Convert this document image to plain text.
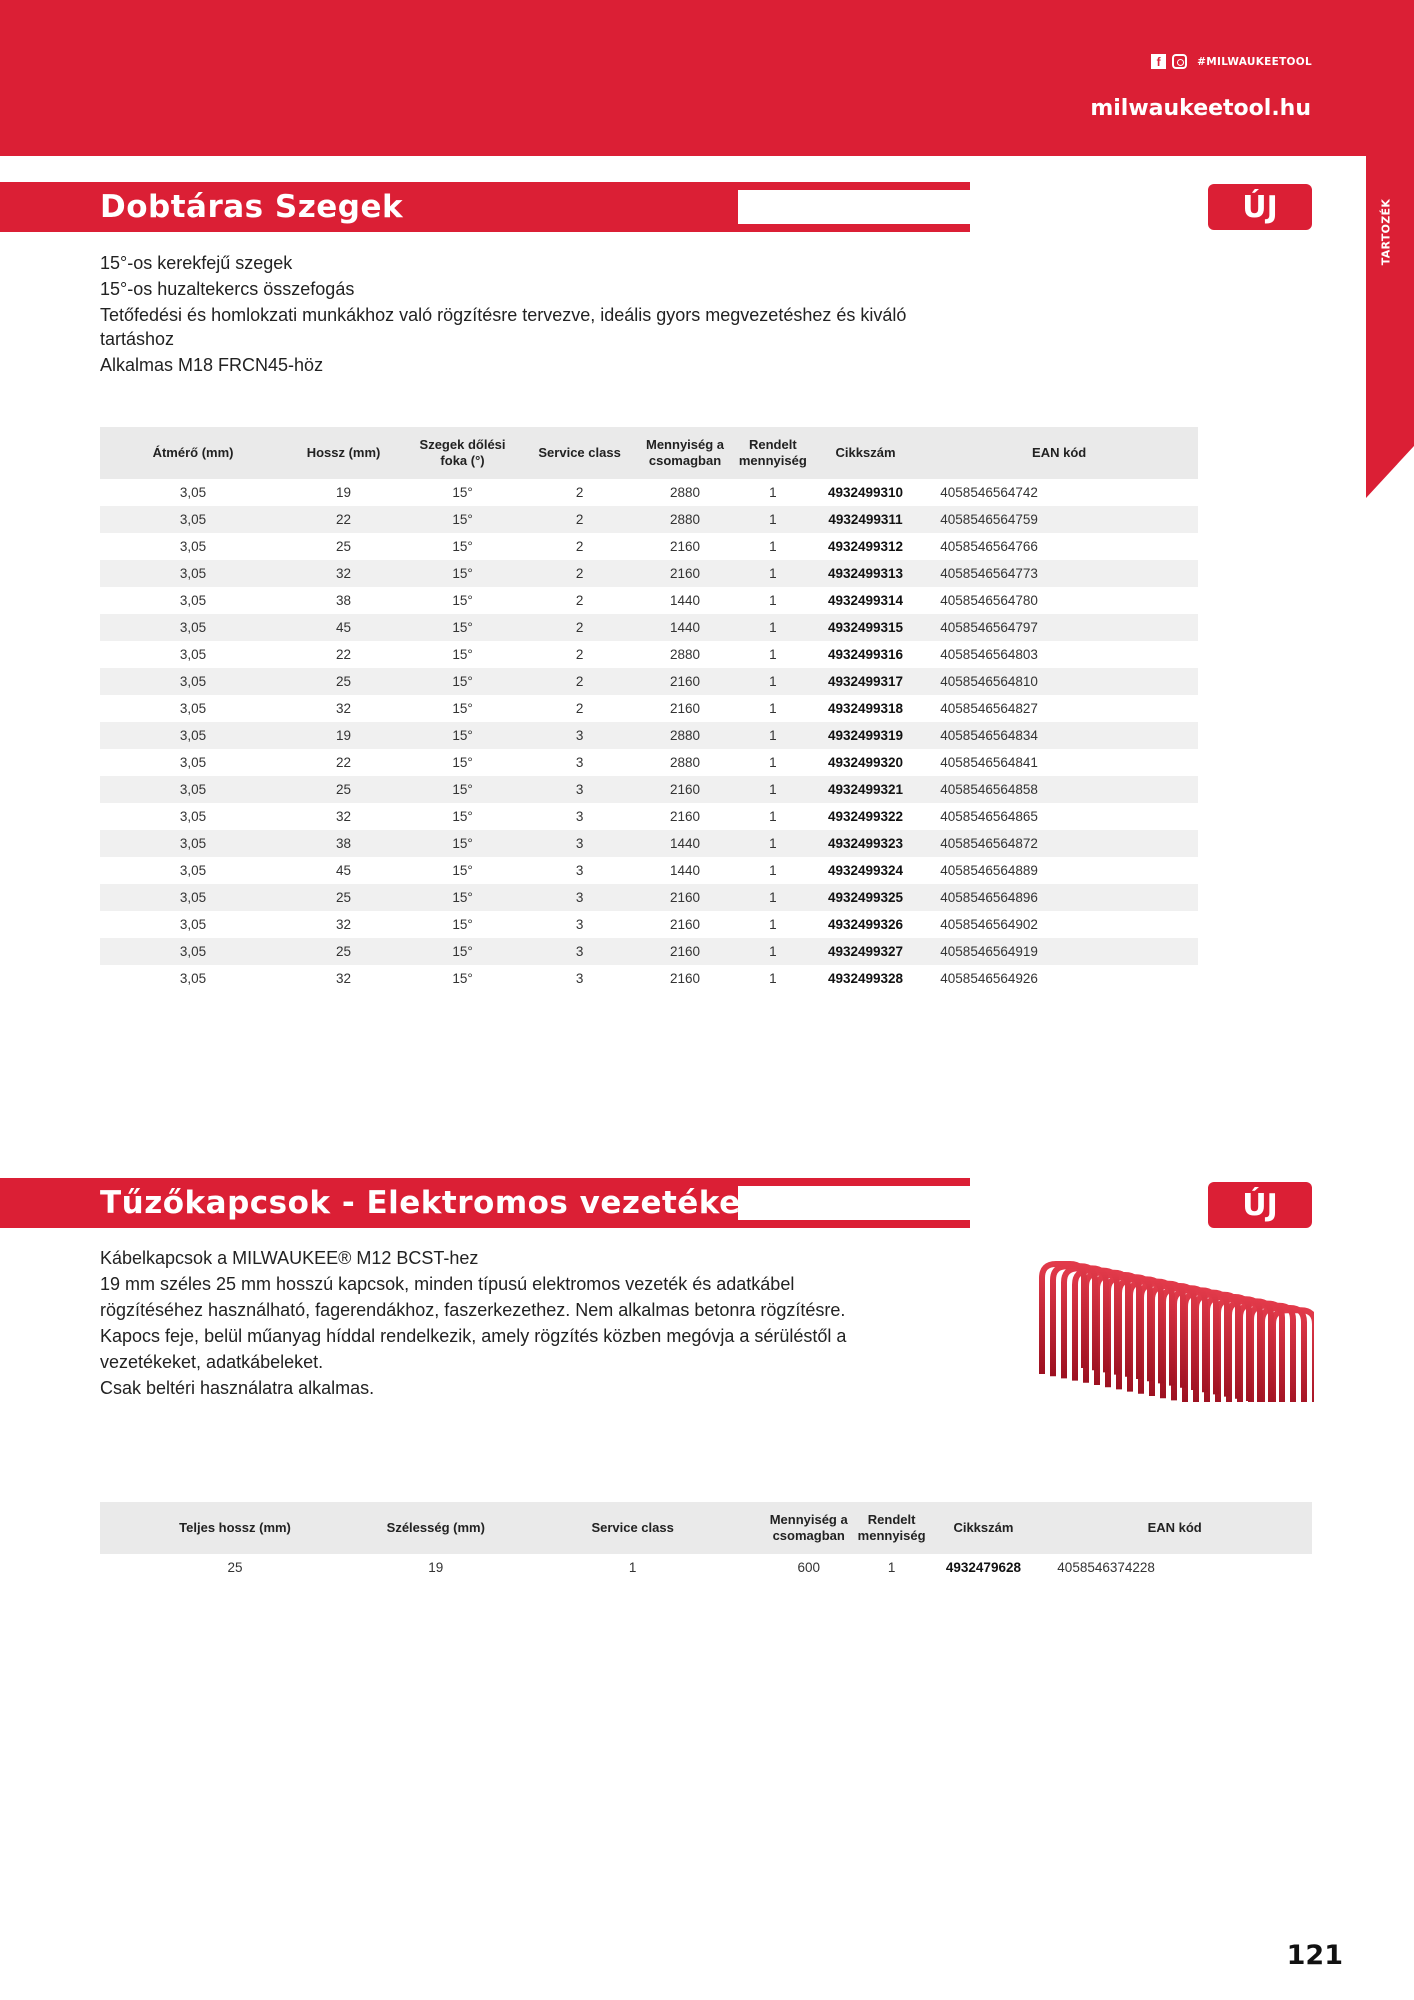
f	#MILWAUKEETOOL
milwaukeetool.hu
TARTOZÉK
Dobtáras Szegek	ÚJ
15°-os kerekfejű szegek
15°-os huzaltekercs összefogás
Tetőfedési és homlokzati munkákhoz való rögzítésre tervezve, ideális gyors megvezetéshez és kiváló
tartáshoz
Alkalmas M18 FRCN45-höz
Átmérő (mm)	Hossz (mm)	Szegek dőlési
foka (°)	Service class	Mennyiség a
csomagban	Rendelt
mennyiség	Cikkszám	EAN kód
3,05	19	15°	2	2880	1	4932499310	4058546564742
3,05	22	15°	2	2880	1	4932499311	4058546564759
3,05	25	15°	2	2160	1	4932499312	4058546564766
3,05	32	15°	2	2160	1	4932499313	4058546564773
3,05	38	15°	2	1440	1	4932499314	4058546564780
3,05	45	15°	2	1440	1	4932499315	4058546564797
3,05	22	15°	2	2880	1	4932499316	4058546564803
3,05	25	15°	2	2160	1	4932499317	4058546564810
3,05	32	15°	2	2160	1	4932499318	4058546564827
3,05	19	15°	3	2880	1	4932499319	4058546564834
3,05	22	15°	3	2880	1	4932499320	4058546564841
3,05	25	15°	3	2160	1	4932499321	4058546564858
3,05	32	15°	3	2160	1	4932499322	4058546564865
3,05	38	15°	3	1440	1	4932499323	4058546564872
3,05	45	15°	3	1440	1	4932499324	4058546564889
3,05	25	15°	3	2160	1	4932499325	4058546564896
3,05	32	15°	3	2160	1	4932499326	4058546564902
3,05	25	15°	3	2160	1	4932499327	4058546564919
3,05	32	15°	3	2160	1	4932499328	4058546564926
Tűzőkapcsok - Elektromos vezetékekhez	ÚJ
Kábelkapcsok a MILWAUKEE® M12 BCST-hez
19 mm széles 25 mm hosszú kapcsok, minden típusú elektromos vezeték és adatkábel
rögzítéséhez használható, fagerendákhoz, faszerkezethez. Nem alkalmas betonra rögzítésre.
Kapocs feje, belül műanyag híddal rendelkezik, amely rögzítés közben megóvja a sérüléstől a
vezetékeket, adatkábeleket.
Csak beltéri használatra alkalmas.
Teljes hossz (mm)	Szélesség (mm)	Service class	Mennyiség a
csomagban	Rendelt
mennyiség	Cikkszám	EAN kód
25	19	1	600	1	4932479628	4058546374228
121
